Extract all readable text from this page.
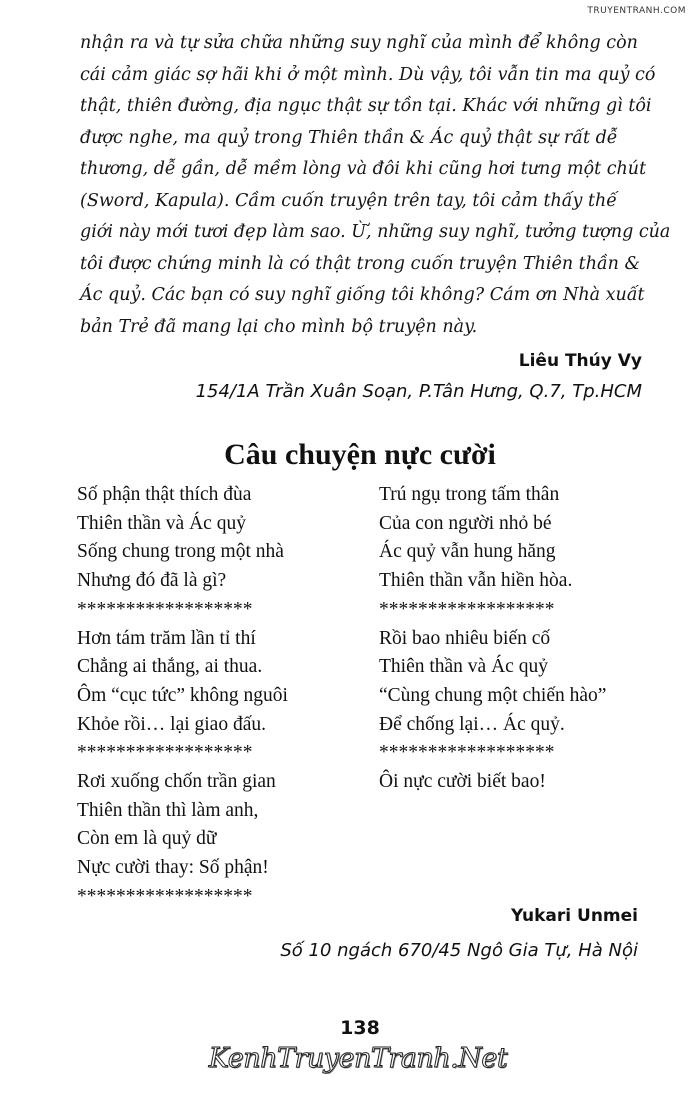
TRUYENTRANH.COM

nhận ra và tự sửa chữa những suy nghĩ của mình để không còn

cái cảm giác sợ hãi khi ở một mình. Dù vậy, tôi vẫn tin ma quỷ có

thật, thiên đường, địa ngục thật sự tồn tại. Khác với những gì tôi

được nghe, ma quỷ trong Thiên thần & Ác quỷ thật sự rất dễ

thương, dễ gần, dễ mềm lòng và đôi khi cũng hơi tưng một chút

(Sword, Kapula). Cầm cuốn truyện trên tay, tôi cảm thấy thế

giới này mới tươi đẹp làm sao. Ừ, những suy nghĩ, tưởng tượng của

tôi được chứng minh là có thật trong cuốn truyện Thiên thần &

Ác quỷ. Các bạn có suy nghĩ giống tôi không? Cám ơn Nhà xuất

bản Trẻ đã mang lại cho mình bộ truyện này.

Liêu Thúy Vy
154/1A Trần Xuân Soạn, P.Tân Hưng, Q.7, Tp.HCM
Câu chuyện nực cười

Số phận thật thích đùa

Thiên thần và Ác quỷ

Sống chung trong một nhà

Nhưng đó đã là gì?

******************

Hơn tám trăm lần tỉ thí

Chẳng ai thắng, ai thua.

Ôm “cục tức” không nguôi

Khỏe rồi… lại giao đấu.

******************

Rơi xuống chốn trần gian

Thiên thần thì làm anh,

Còn em là quỷ dữ

Nực cười thay: Số phận!

******************

Trú ngụ trong tấm thân

Của con người nhỏ bé

Ác quỷ vẫn hung hăng

Thiên thần vẫn hiền hòa.

******************

Rồi bao nhiêu biến cố

Thiên thần và Ác quỷ

“Cùng chung một chiến hào”

Để chống lại… Ác quỷ.

******************

Ôi nực cười biết bao!

Yukari Unmei
Số 10 ngách 670/45 Ngô Gia Tự, Hà Nội
138
KenhTruyenTranh.Net
